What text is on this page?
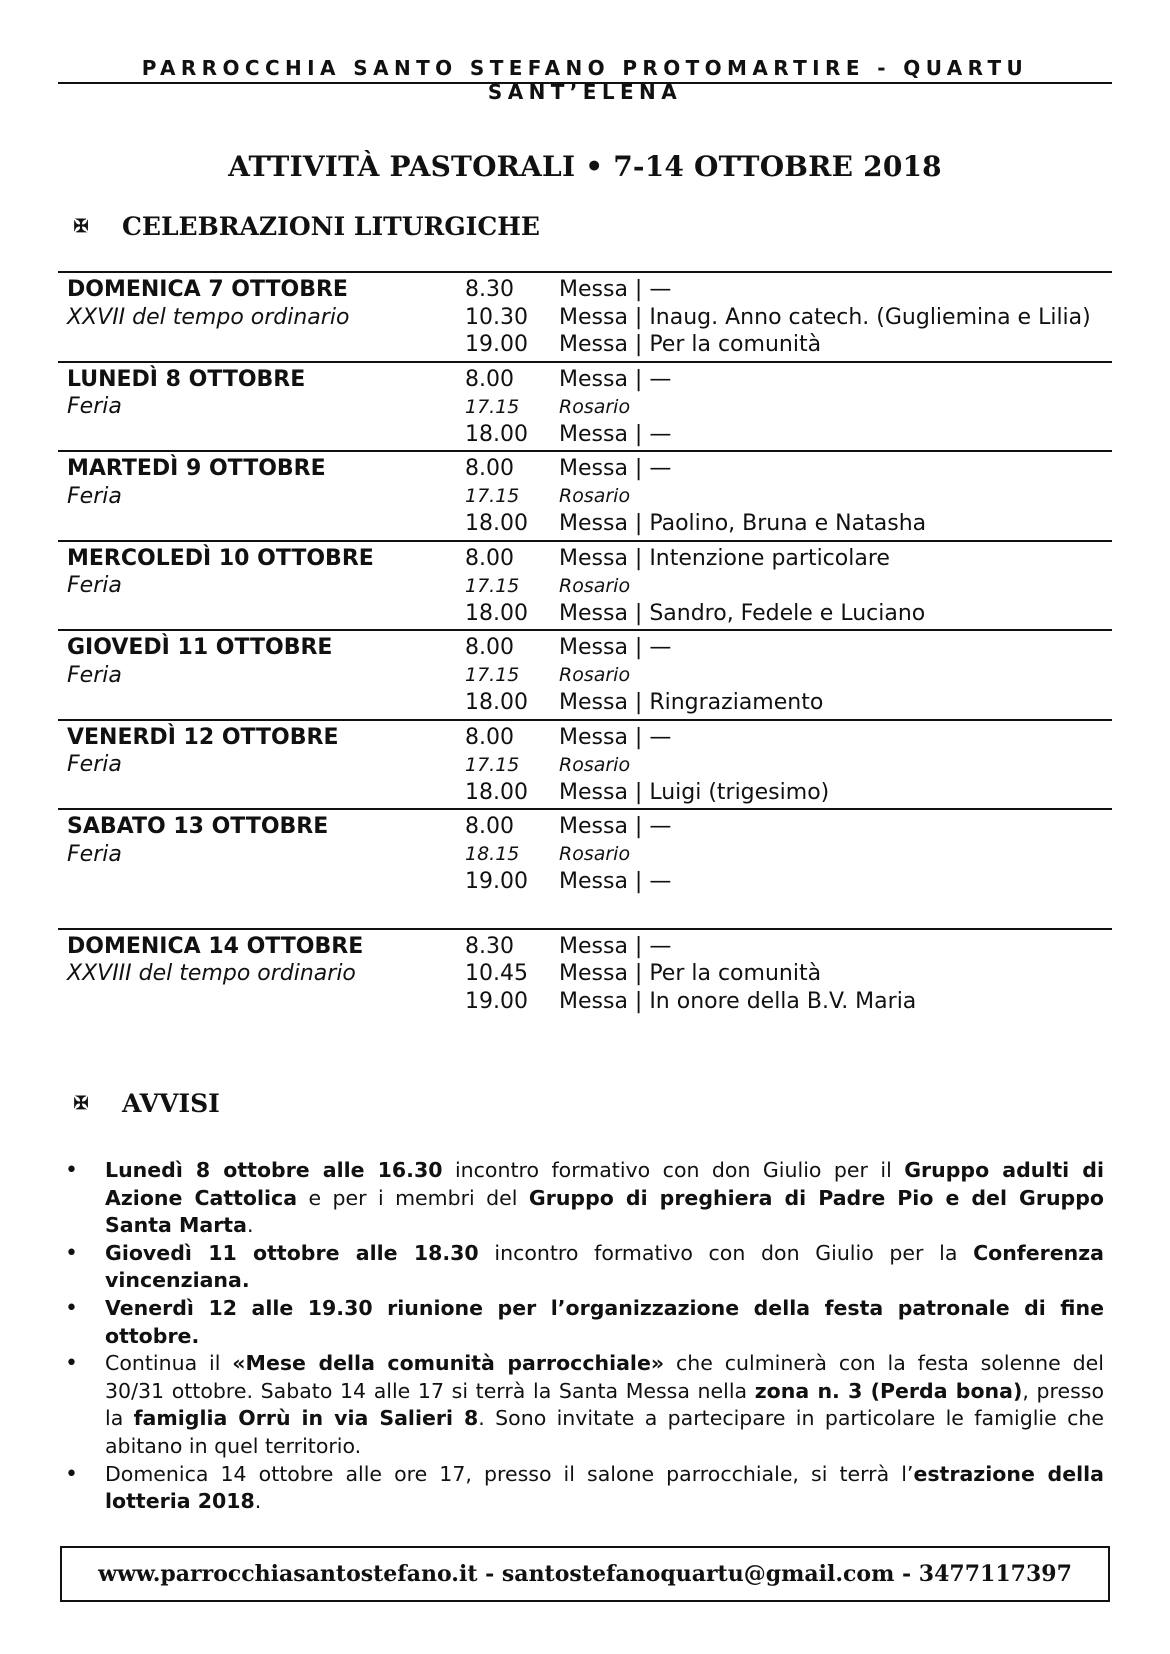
PARROCCHIA SANTO STEFANO PROTOMARTIRE - QUARTU SANT’ELENA
ATTIVITÀ PASTORALI • 7-14 OTTOBRE 2018
✠ CELEBRAZIONI LITURGICHE
DOMENICA 7 OTTOBRE	8.30	Messa | —
XXVII del tempo ordinario	10.30	Messa | Inaug. Anno catech. (Gugliemina e Lilia)
19.00	Messa | Per la comunità
LUNEDÌ 8 OTTOBRE	8.00	Messa | —
Feria	17.15	Rosario
18.00	Messa | —
MARTEDÌ 9 OTTOBRE	8.00	Messa | —
Feria	17.15	Rosario
18.00	Messa | Paolino, Bruna e Natasha
MERCOLEDÌ 10 OTTOBRE	8.00	Messa | Intenzione particolare
Feria	17.15	Rosario
18.00	Messa | Sandro, Fedele e Luciano
GIOVEDÌ 11 OTTOBRE	8.00	Messa | —
Feria	17.15	Rosario
18.00	Messa | Ringraziamento
VENERDÌ 12 OTTOBRE	8.00	Messa | —
Feria	17.15	Rosario
18.00	Messa | Luigi (trigesimo)
SABATO 13 OTTOBRE	8.00	Messa | —
Feria	18.15	Rosario
19.00	Messa | —
DOMENICA 14 OTTOBRE	8.30	Messa | —
XXVIII del tempo ordinario	10.45	Messa | Per la comunità
19.00	Messa | In onore della B.V. Maria
✠ AVVISI
• Lunedì 8 ottobre alle 16.30 incontro formativo con don Giulio per il Gruppo adulti di Azione Cattolica e per i membri del Gruppo di preghiera di Padre Pio e del Gruppo Santa Marta.
• Giovedì 11 ottobre alle 18.30 incontro formativo con don Giulio per la Conferenza vincenziana.
• Venerdì 12 alle 19.30 riunione per l’organizzazione della festa patronale di fine ottobre.
• Continua il «Mese della comunità parrocchiale» che culminerà con la festa solenne del 30/31 ottobre. Sabato 14 alle 17 si terrà la Santa Messa nella zona n. 3 (Perda bona), presso la famiglia Orrù in via Salieri 8. Sono invitate a partecipare in particolare le famiglie che abitano in quel territorio.
• Domenica 14 ottobre alle ore 17, presso il salone parrocchiale, si terrà l’estrazione della lotteria 2018.
www.parrocchiasantostefano.it - santostefanoquartu@gmail.com - 3477117397
